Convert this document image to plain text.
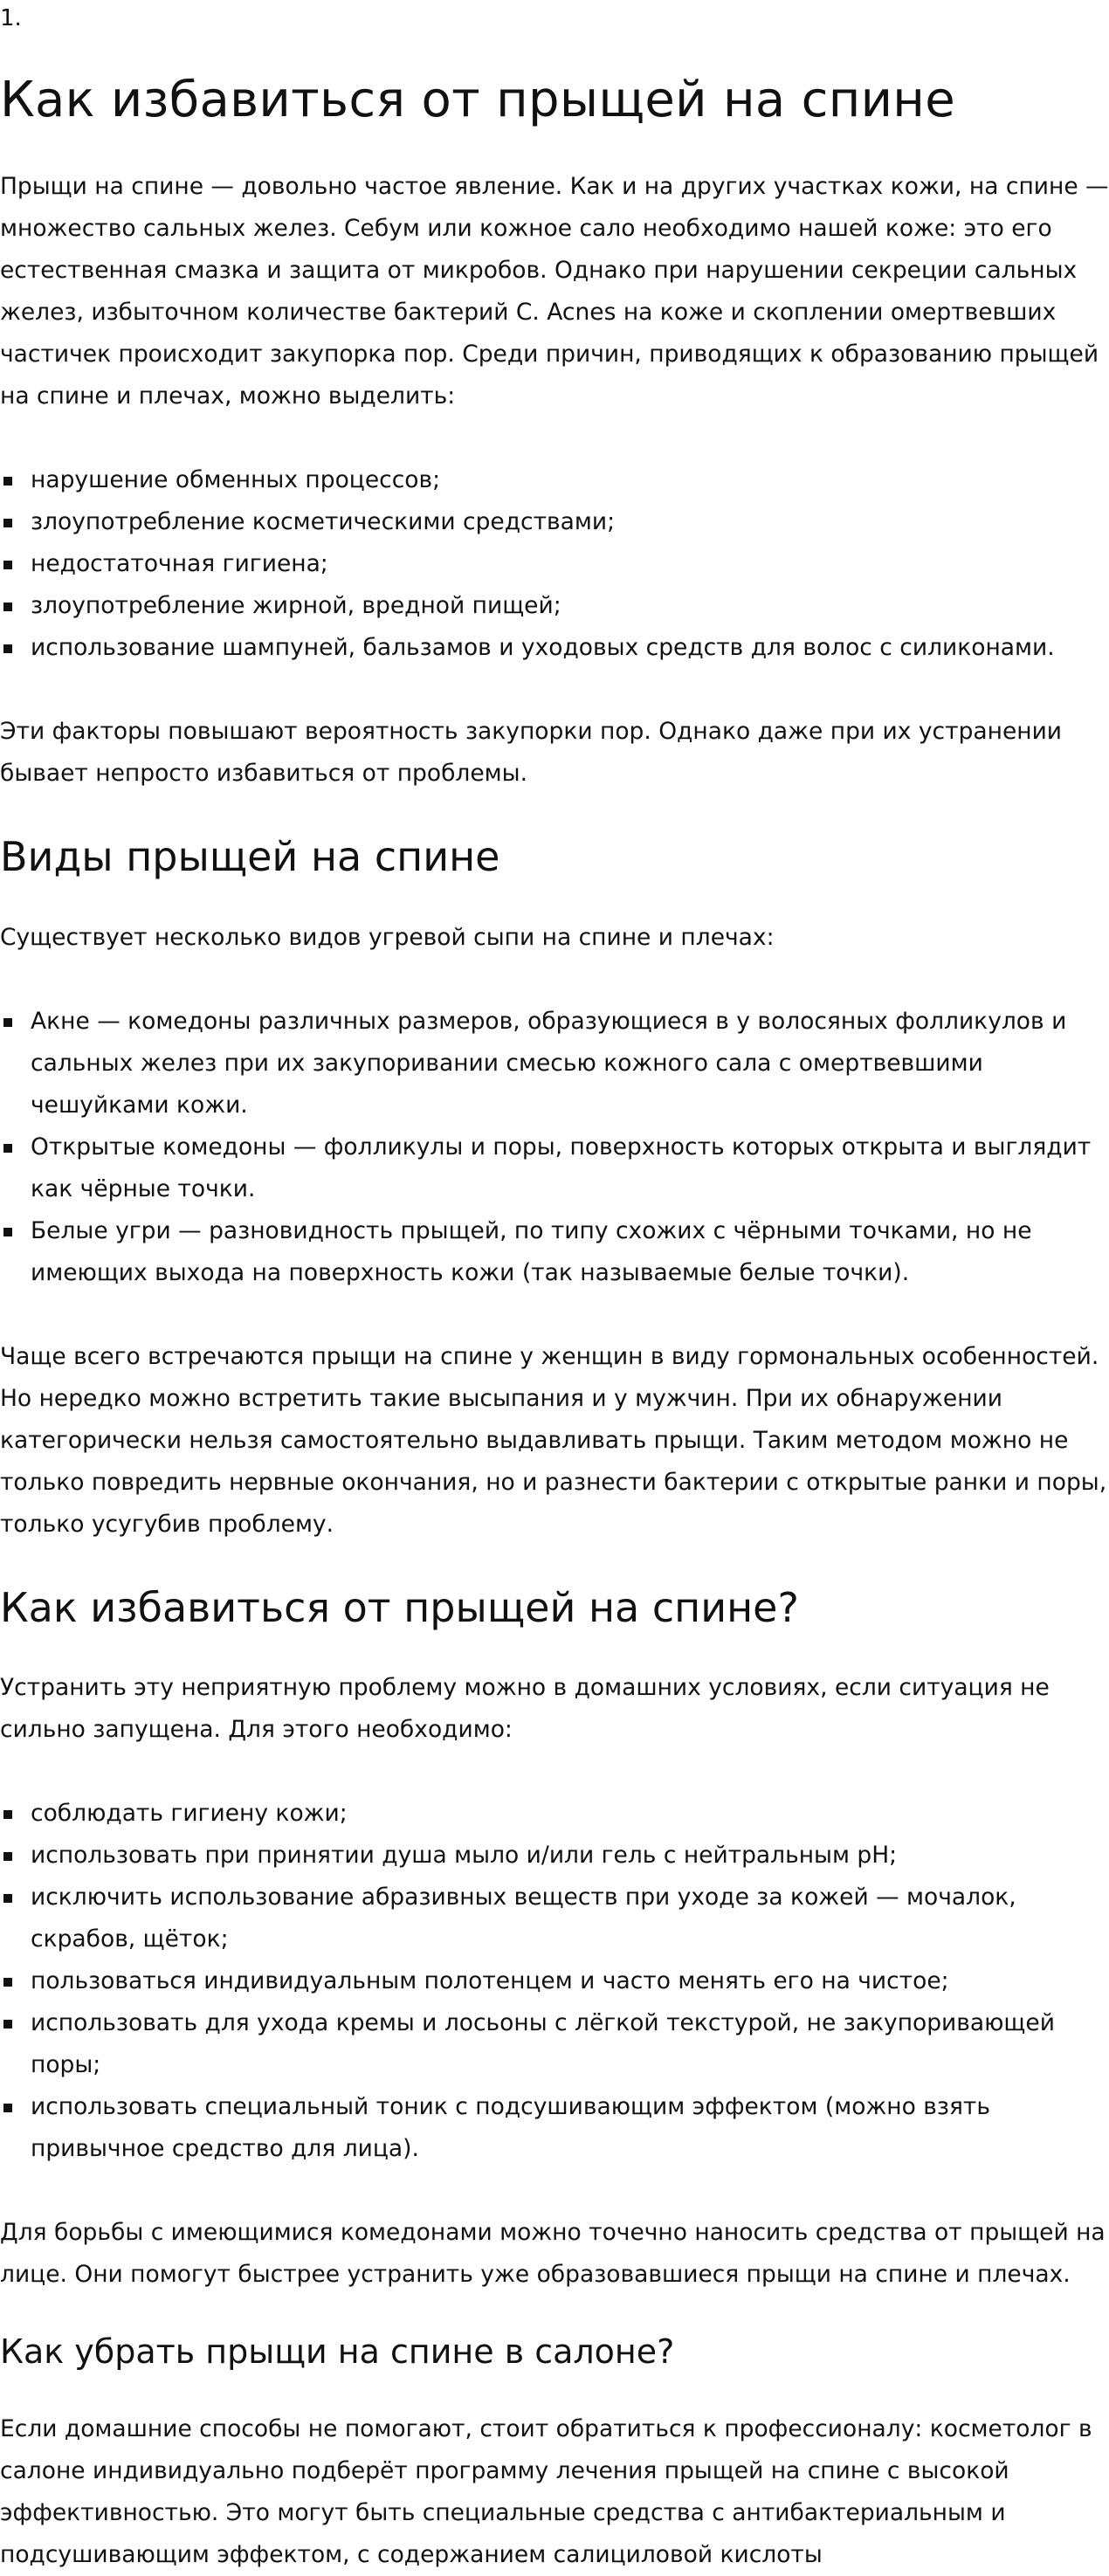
1.
Как избавиться от прыщей на спине

Прыщи на спине — довольно частое явление. Как и на других участках кожи, на спине — множество сальных желез. Себум или кожное сало необходимо нашей коже: это его естественная смазка и защита от микробов. Однако при нарушении секреции сальных желез, избыточном количестве бактерий C. Acnes на коже и скоплении омертвевших частичек происходит закупорка пор. Среди причин, приводящих к образованию прыщей на спине и плечах, можно выделить:

нарушение обменных процессов;
злоупотребление косметическими средствами;
недостаточная гигиена;
злоупотребление жирной, вредной пищей;
использование шампуней, бальзамов и уходовых средств для волос с силиконами.

Эти факторы повышают вероятность закупорки пор. Однако даже при их устранении бывает непросто избавиться от проблемы.

Виды прыщей на спине

Существует несколько видов угревой сыпи на спине и плечах:

Акне — комедоны различных размеров, образующиеся в у волосяных фолликулов и сальных желез при их закупоривании смесью кожного сала с омертвевшими чешуйками кожи.
Открытые комедоны — фолликулы и поры, поверхность которых открыта и выглядит как чёрные точки.
Белые угри — разновидность прыщей, по типу схожих с чёрными точками, но не имеющих выхода на поверхность кожи (так называемые белые точки).

Чаще всего встречаются прыщи на спине у женщин в виду гормональных особенностей. Но нередко можно встретить такие высыпания и у мужчин. При их обнаружении категорически нельзя самостоятельно выдавливать прыщи. Таким методом можно не только повредить нервные окончания, но и разнести бактерии с открытые ранки и поры, только усугубив проблему.

Как избавиться от прыщей на спине?

Устранить эту неприятную проблему можно в домашних условиях, если ситуация не сильно запущена. Для этого необходимо:

соблюдать гигиену кожи;
использовать при принятии душа мыло и/или гель с нейтральным pH;
исключить использование абразивных веществ при уходе за кожей — мочалок, скрабов, щёток;
пользоваться индивидуальным полотенцем и часто менять его на чистое;
использовать для ухода кремы и лосьоны с лёгкой текстурой, не закупоривающей поры;
использовать специальный тоник с подсушивающим эффектом (можно взять привычное средство для лица).

Для борьбы с имеющимися комедонами можно точечно наносить средства от прыщей на лице. Они помогут быстрее устранить уже образовавшиеся прыщи на спине и плечах.

Как убрать прыщи на спине в салоне?

Если домашние способы не помогают, стоит обратиться к профессионалу: косметолог в салоне индивидуально подберёт программу лечения прыщей на спине с высокой эффективностью. Это могут быть специальные средства с антибактериальным и подсушивающим эффектом, с содержанием салициловой кислоты
